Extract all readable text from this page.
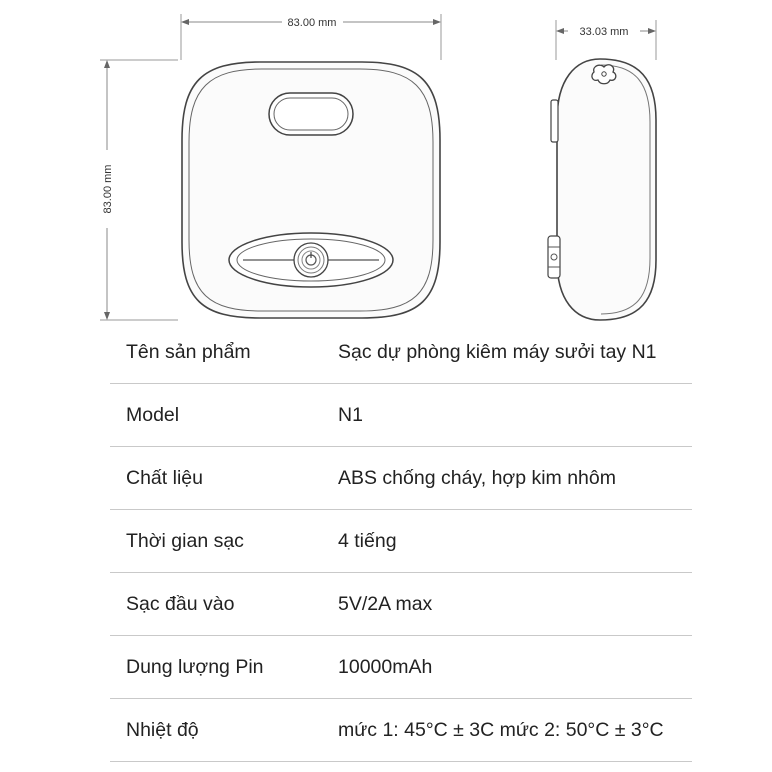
83.00 mm
83.00 mm
33.03 mm
Tên sản phẩm	Sạc dự phòng kiêm máy sưởi tay N1
Model	N1
Chất liệu	ABS chống cháy, hợp kim nhôm
Thời gian sạc	4 tiếng
Sạc đầu vào	5V/2A max
Dung lượng Pin	10000mAh
Nhiệt độ	mức 1: 45°C ± 3C mức 2: 50°C ± 3°C
